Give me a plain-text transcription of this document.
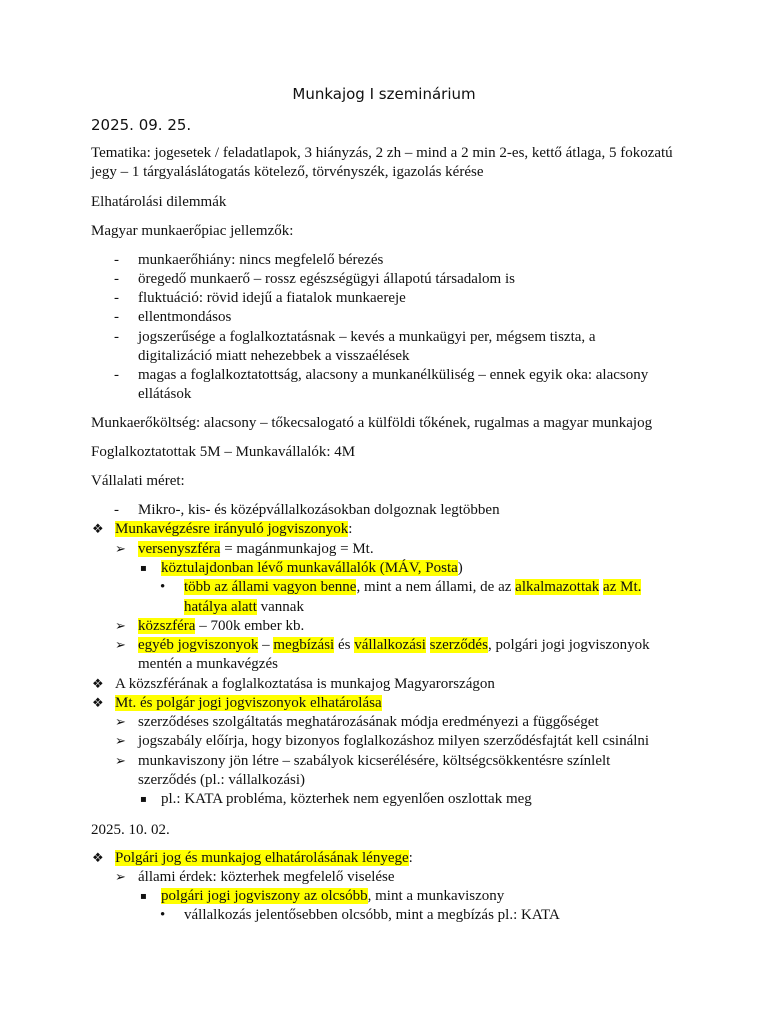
Munkajog I szeminárium
2025. 09. 25.
Tematika: jogesetek / feladatlapok, 3 hiányzás, 2 zh – mind a 2 min 2-es, kettő átlaga, 5 fokozatú jegy – 1 tárgyaláslátogatás kötelező, törvényszék, igazolás kérése
Elhatárolási dilemmák
Magyar munkaerőpiac jellemzők:
- munkaerőhiány: nincs megfelelő bérezés
- öregedő munkaerő – rossz egészségügyi állapotú társadalom is
- fluktuáció: rövid idejű a fiatalok munkaereje
- ellentmondásos
- jogszerűsége a foglalkoztatásnak – kevés a munkaügyi per, mégsem tiszta, a
digitalizáció miatt nehezebbek a visszaélések
- magas a foglalkoztatottság, alacsony a munkanélküliség – ennek egyik oka: alacsony
ellátások
Munkaerőköltség: alacsony – tőkecsalogató a külföldi tőkének, rugalmas a magyar munkajog
Foglalkoztatottak 5M – Munkavállalók: 4M
Vállalati méret:
- Mikro-, kis- és középvállalkozásokban dolgoznak legtöbben
❖ Munkavégzésre irányuló jogviszonyok:
➢ versenyszféra = magánmunkajog = Mt.
▪ köztulajdonban lévő munkavállalók (MÁV, Posta)
• több az állami vagyon benne, mint a nem állami, de az alkalmazottak az Mt.
hatálya alatt vannak
➢ közszféra – 700k ember kb.
➢ egyéb jogviszonyok – megbízási és vállalkozási szerződés, polgári jogi jogviszonyok
mentén a munkavégzés
❖ A közszférának a foglalkoztatása is munkajog Magyarországon
❖ Mt. és polgár jogi jogviszonyok elhatárolása
➢ szerződéses szolgáltatás meghatározásának módja eredményezi a függőséget
➢ jogszabály előírja, hogy bizonyos foglalkozáshoz milyen szerződésfajtát kell csinálni
➢ munkaviszony jön létre – szabályok kicserélésére, költségcsökkentésre színlelt
szerződés (pl.: vállalkozási)
▪ pl.: KATA probléma, közterhek nem egyenlően oszlottak meg
2025. 10. 02.
❖ Polgári jog és munkajog elhatárolásának lényege:
➢ állami érdek: közterhek megfelelő viselése
▪ polgári jogi jogviszony az olcsóbb, mint a munkaviszony
• vállalkozás jelentősebben olcsóbb, mint a megbízás pl.: KATA
